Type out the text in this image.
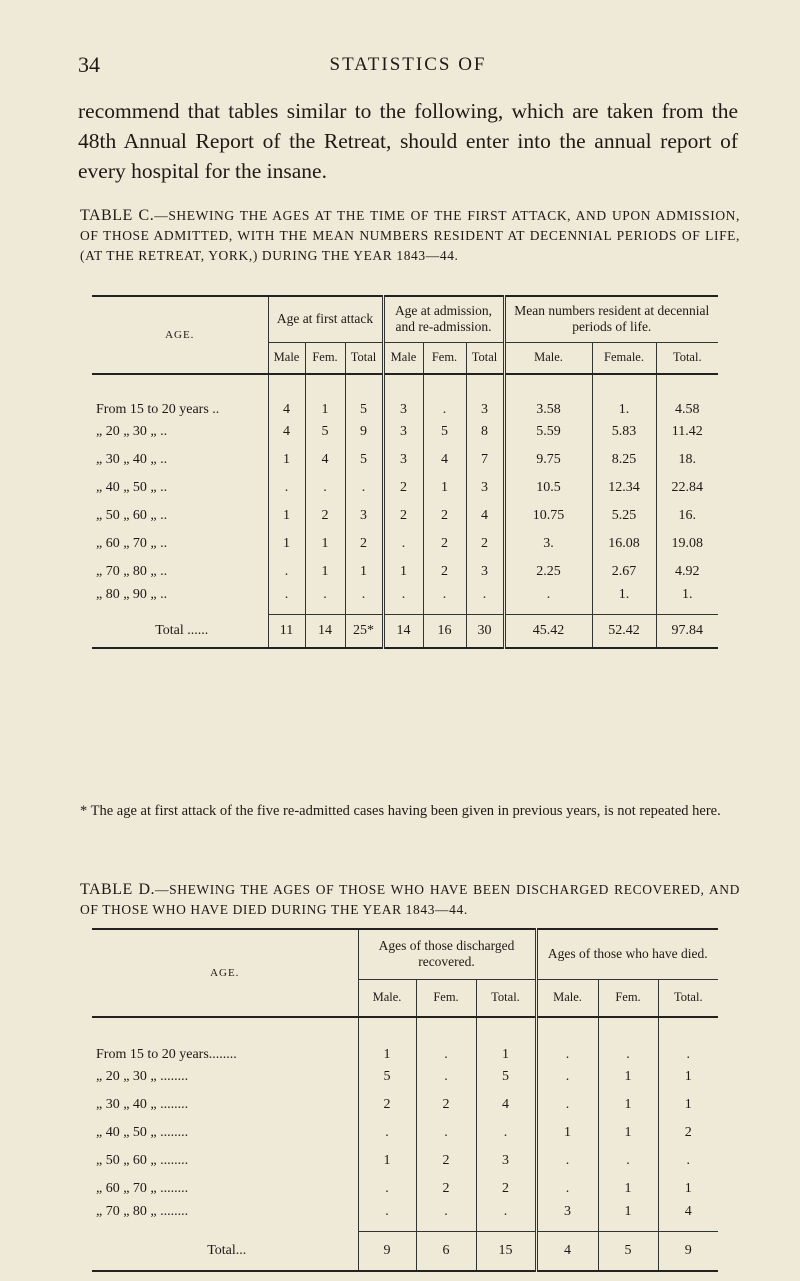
34	STATISTICS OF

recommend that tables similar to the following, which are taken from the 48th Annual Report of the Retreat, should enter into the annual report of every hospital for the insane.

TABLE C.—SHEWING THE AGES AT THE TIME OF THE FIRST ATTACK, AND UPON ADMISSION, OF THOSE ADMITTED, WITH THE MEAN NUMBERS RESIDENT AT DECENNIAL PERIODS OF LIFE, (AT THE RETREAT, YORK,) DURING THE YEAR 1843—44.

AGE.	Age at first attack			Age at admission, and re-admission.			Mean numbers resident at decennial periods of life.		
	Male	Fem.	Total	Male	Fem.	Total	Male.	Female.	Total.
From 15 to 20 years ..	4	1	5	3	.	3	3.58	1.	4.58
„ 20 „ 30 „ ..	4	5	9	3	5	8	5.59	5.83	11.42
„ 30 „ 40 „ ..	1	4	5	3	4	7	9.75	8.25	18.
„ 40 „ 50 „ ..	.	.	.	2	1	3	10.5	12.34	22.84
„ 50 „ 60 „ ..	1	2	3	2	2	4	10.75	5.25	16.
„ 60 „ 70 „ ..	1	1	2	.	2	2	3.	16.08	19.08
„ 70 „ 80 „ ..	.	1	1	1	2	3	2.25	2.67	4.92
„ 80 „ 90 „ ..	.	.	.	.	.	.	.	1.	1.
Total ......	11	14	25*	14	16	30	45.42	52.42	97.84

* The age at first attack of the five re-admitted cases having been given in previous years, is not repeated here.

TABLE D.—SHEWING THE AGES OF THOSE WHO HAVE BEEN DISCHARGED RECOVERED, AND OF THOSE WHO HAVE DIED DURING THE YEAR 1843—44.

AGE.	Ages of those discharged recovered.			Ages of those who have died.		
	Male.	Fem.	Total.	Male.	Fem.	Total.
From 15 to 20 years........	1	.	1	.	.	.
„ 20 „ 30 „ ........	5	.	5	.	1	1
„ 30 „ 40 „ ........	2	2	4	.	1	1
„ 40 „ 50 „ ........	.	.	.	1	1	2
„ 50 „ 60 „ ........	1	2	3	.	.	.
„ 60 „ 70 „ ........	.	2	2	.	1	1
„ 70 „ 80 „ ........	.	.	.	3	1	4
Total...	9	6	15	4	5	9
